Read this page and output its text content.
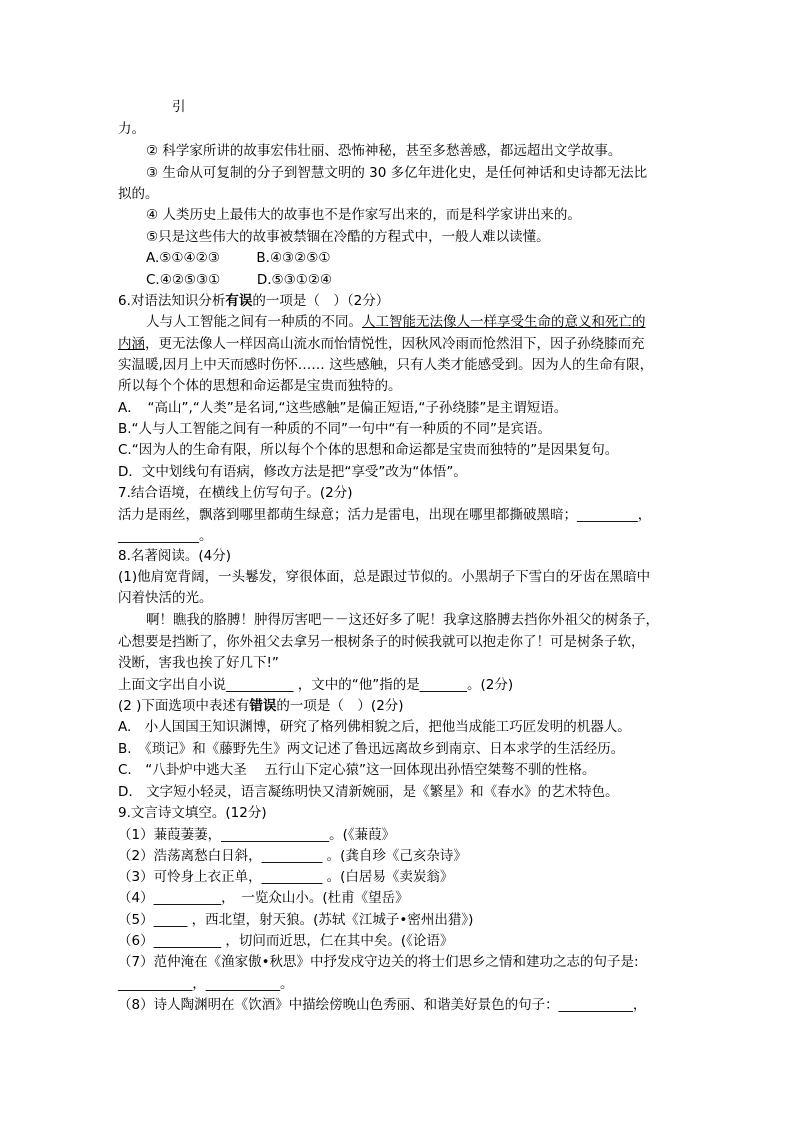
引
力。
② 科学家所讲的故事宏伟壮丽、恐怖神秘，甚至多愁善感，都远超出文学故事。
③ 生命从可复制的分子到智慧文明的 30 多亿年进化史，是任何神话和史诗都无法比
拟的。
④ 人类历史上最伟大的故事也不是作家写出来的，而是科学家讲出来的。
⑤只是这些伟大的故事被禁锢在冷酷的方程式中，一般人难以读懂。
A.⑤①④②③	B.④③②⑤①
C.④②⑤③①	D.⑤③①②④
6.对语法知识分析有误的一项是（　）（2分）
人与人工智能之间有一种质的不同。人工智能无法像人一样享受生命的意义和死亡的
内涵，更无法像人一样因高山流水而怡情悦性，因秋风冷雨而怆然泪下，因子孙绕膝而充
实温暖,因月上中天而感时伤怀…… 这些感触，只有人类才能感受到。因为人的生命有限，
所以每个个体的思想和命运都是宝贵而独特的。
A．　“高山”,“人类”是名词,“这些感触”是偏正短语,“子孙绕膝”是主谓短语。
B.“人与人工智能之间有一种质的不同”一句中“有一种质的不同”是宾语。
C.“因为人的生命有限，所以每个个体的思想和命运都是宝贵而独特的”是因果复句。
D．文中划线句有语病，修改方法是把“享受”改为“体悟”。
7.结合语境，在横线上仿写句子。(2分)
活力是雨丝，飘落到哪里都萌生绿意；活力是雷电，出现在哪里都撕破黑暗；_________，
____________。
8.名著阅读。(4分)
(1)他肩宽背阔，一头鬈发，穿很体面，总是跟过节似的。小黑胡子下雪白的牙齿在黑暗中
闪着快活的光。
啊！瞧我的胳膊！肿得厉害吧－－这还好多了呢！我拿这胳膊去挡你外祖父的树条子，
心想要是挡断了，你外祖父去拿另一根树条子的时候我就可以抱走你了！可是树条子软，
没断，害我也挨了好几下!”
上面文字出自小说__________ ，文中的“他”指的是_______。(2分)
(2 )下面选项中表述有错误的一项是（　）(2分)
A.　小人国国王知识渊博，研究了格列佛相貌之后，把他当成能工巧匠发明的机器人。
B.　《琐记》和《藤野先生》两文记述了鲁迅远离故乡到南京、日本求学的生活经历。
C.　“八卦炉中逃大圣　 五行山下定心猿”这一回体现出孙悟空桀骜不驯的性格。
D.　文字短小轻灵，语言凝练明快又清新婉丽，是《繁星》和《春水》的艺术特色。
9.文言诗文填空。(12分)
（1）蒹葭萋萋，________________。(《蒹葭》
（2）浩荡离愁白日斜，_________ 。(龚自珍《己亥杂诗》
（3）可怜身上衣正单，_________ 。(白居易《卖炭翁》
（4）__________，　一览众山小。(杜甫《望岳》
（5）_____ ，西北望，射天狼。(苏轼《江城子•密州出猎》)
（6）__________ ，切问而近思，仁在其中矣。(《论语》
（7）范仲淹在《渔家傲•秋思》中抒发戍守边关的将士们思乡之情和建功之志的句子是:
___________，___________。
（8）诗人陶渊明在《饮酒》中描绘傍晚山色秀丽、和谐美好景色的句子：___________，
